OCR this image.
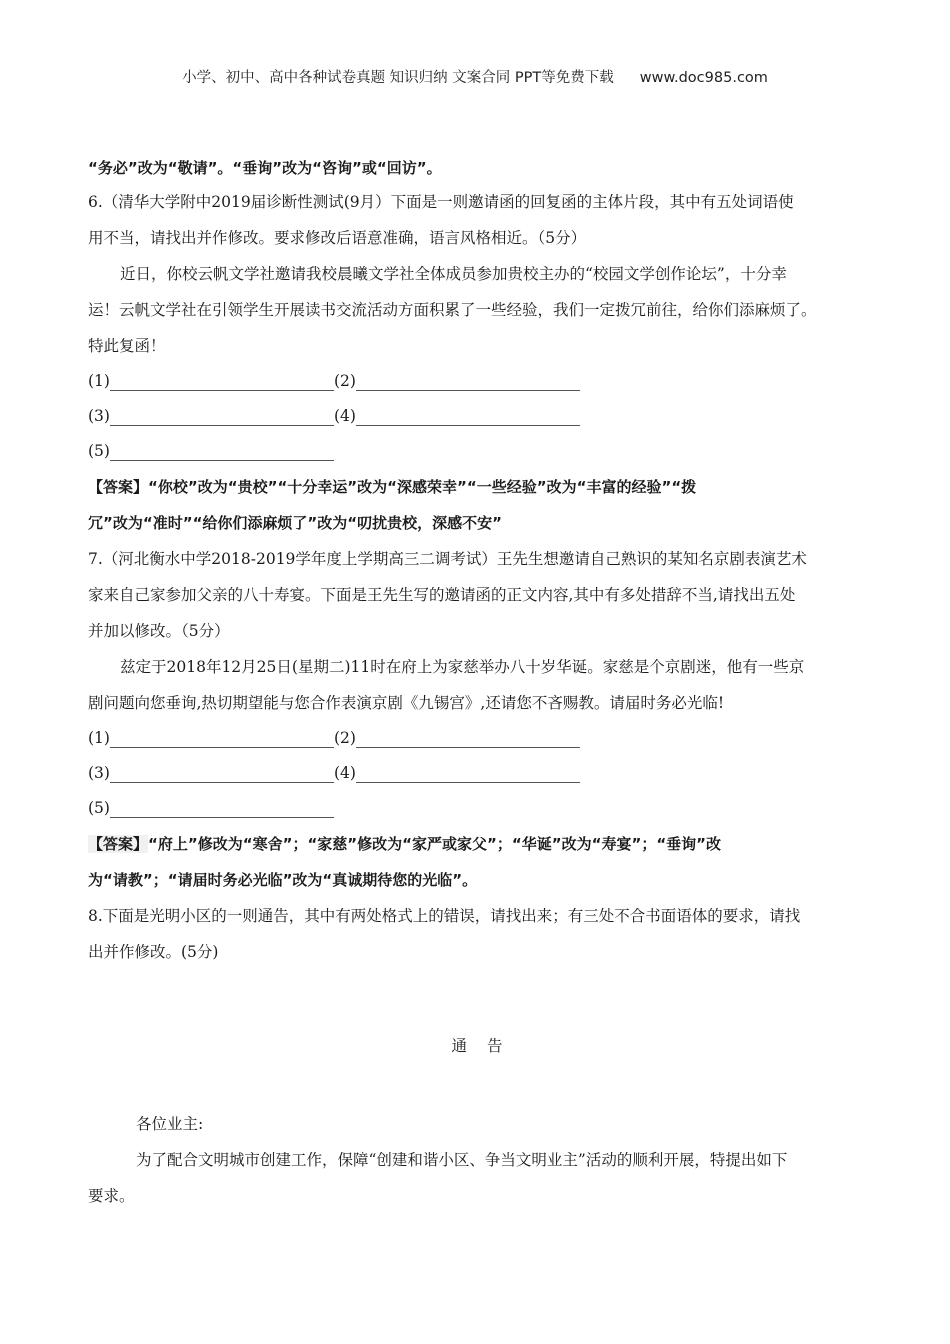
小学、初中、高中各种试卷真题 知识归纳 文案合同 PPT等免费下载 www.doc985.com
“务必”改为“敬请”。“垂询”改为“咨询”或“回访”。
6.（清华大学附中2019届诊断性测试(9月）下面是一则邀请函的回复函的主体片段，其中有五处词语使
用不当，请找出并作修改。要求修改后语意准确，语言风格相近。（5分）
近日，你校云帆文学社邀请我校晨曦文学社全体成员参加贵校主办的“校园文学创作论坛”，十分幸
运！云帆文学社在引领学生开展读书交流活动方面积累了一些经验，我们一定拨冗前往，给你们添麻烦了。
特此复函！
(1)	(2)
(3)	(4)
(5)
【答案】“你校”改为“贵校”“十分幸运”改为“深感荣幸”“一些经验”改为“丰富的经验”“拨
冗”改为“准时”“给你们添麻烦了”改为“叨扰贵校，深感不安”
7.（河北衡水中学2018-2019学年度上学期高三二调考试）王先生想邀请自己熟识的某知名京剧表演艺术
家来自己家参加父亲的八十寿宴。下面是王先生写的邀请函的正文内容,其中有多处措辞不当,请找出五处
并加以修改。（5分）
兹定于2018年12月25日(星期二)11时在府上为家慈举办八十岁华诞。家慈是个京剧迷，他有一些京
剧问题向您垂询,热切期望能与您合作表演京剧《九锡宫》,还请您不吝赐教。请届时务必光临!
(1)	(2)
(3)	(4)
(5)
【答案】“府上”修改为“寒舍”；“家慈”修改为“家严或家父”；“华诞”改为“寿宴”；“垂询”改
为“请教”；“请届时务必光临”改为“真诚期待您的光临”。
8.下面是光明小区的一则通告，其中有两处格式上的错误，请找出来；有三处不合书面语体的要求，请找
出并作修改。(5分)
通告
各位业主:
为了配合文明城市创建工作，保障“创建和谐小区、争当文明业主”活动的顺利开展，特提出如下
要求。
